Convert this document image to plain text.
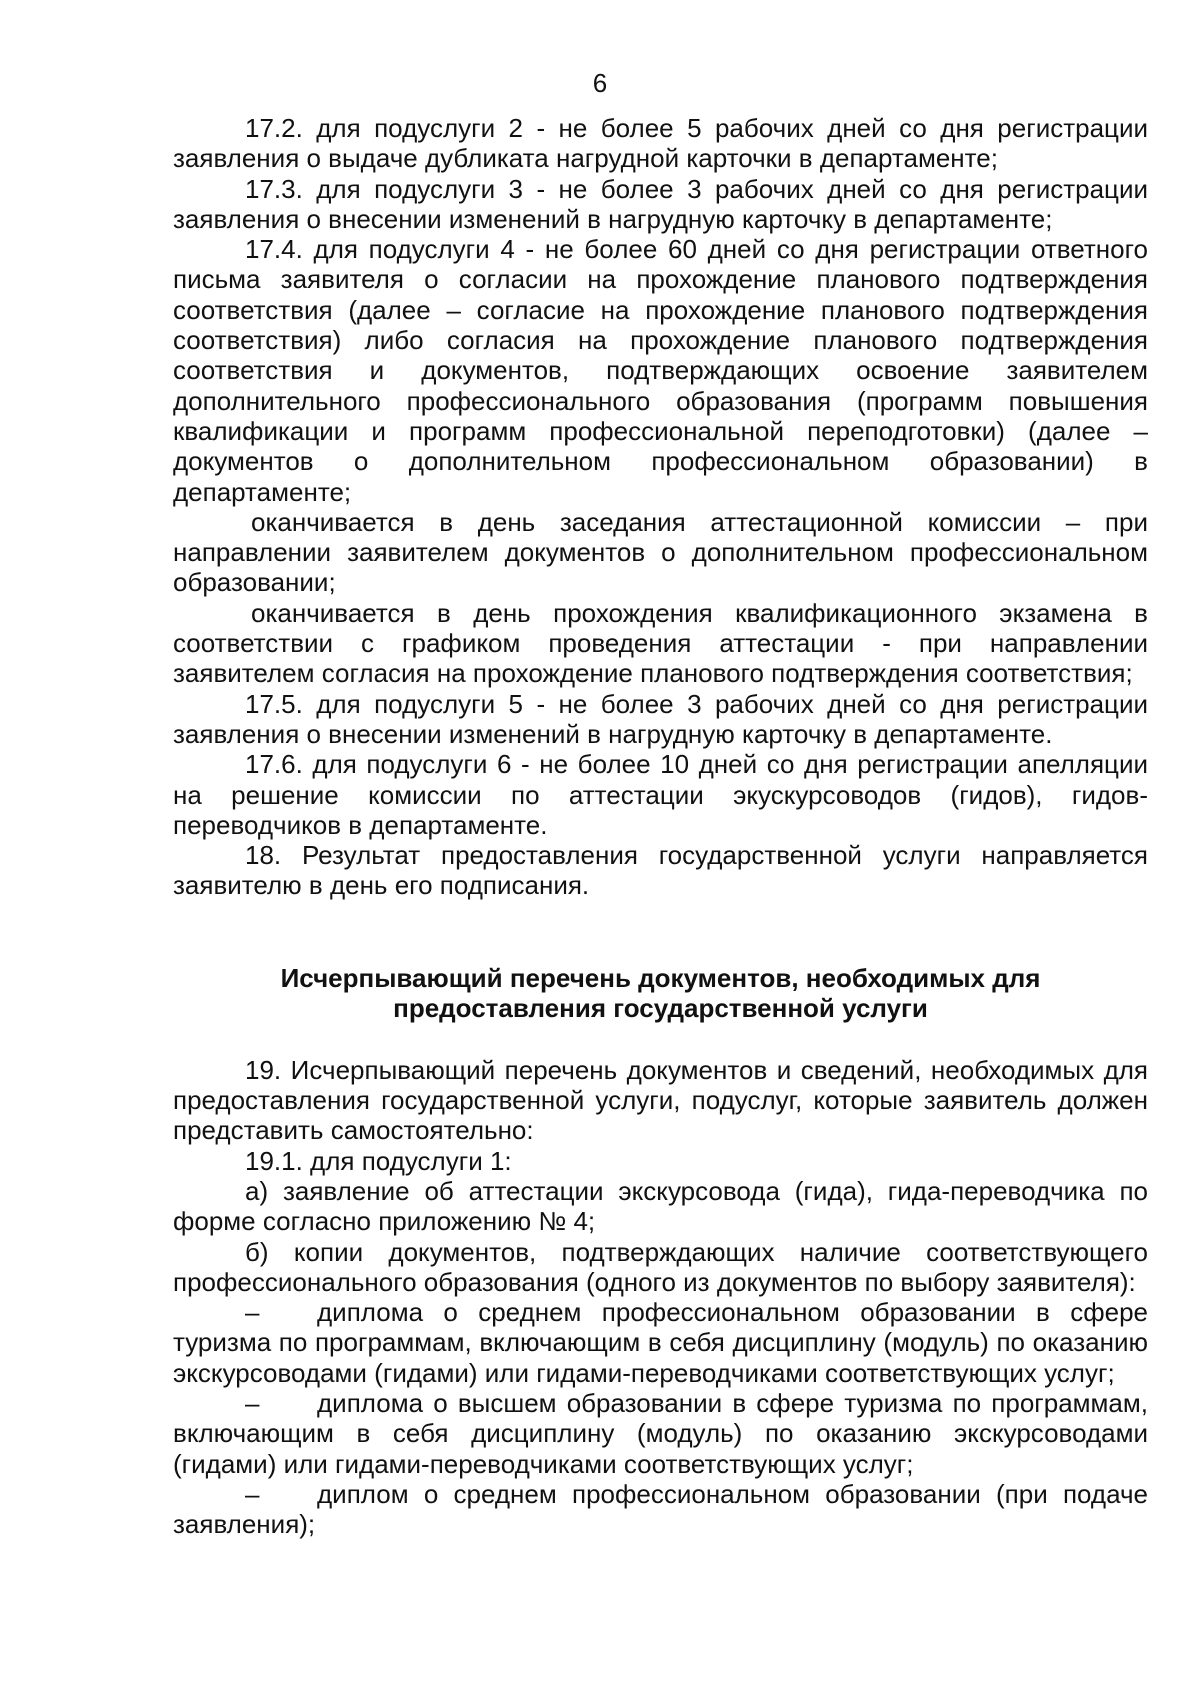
6

17.2. для подуслуги 2 - не более 5 рабочих дней со дня регистрации заявления о выдаче дубликата нагрудной карточки в департаменте;

17.3. для подуслуги 3 - не более 3 рабочих дней со дня регистрации заявления о внесении изменений в нагрудную карточку в департаменте;

17.4. для подуслуги 4 - не более 60 дней со дня регистрации ответного письма заявителя о согласии на прохождение планового подтверждения соответствия (далее – согласие на прохождение планового подтверждения соответствия) либо согласия на прохождение планового подтверждения соответствия и документов, подтверждающих освоение заявителем дополнительного профессионального образования (программ повышения квалификации и программ профессиональной переподготовки) (далее – документов о дополнительном профессиональном образовании) в департаменте;

оканчивается в день заседания аттестационной комиссии – при направлении заявителем документов о дополнительном профессиональном образовании;

оканчивается в день прохождения квалификационного экзамена в соответствии с графиком проведения аттестации - при направлении заявителем согласия на прохождение планового подтверждения соответствия;

17.5. для подуслуги 5 - не более 3 рабочих дней со дня регистрации заявления о внесении изменений в нагрудную карточку в департаменте.

17.6. для подуслуги 6 - не более 10 дней со дня регистрации апелляции на решение комиссии по аттестации экускурсоводов (гидов), гидов-переводчиков в департаменте.

18. Результат предоставления государственной услуги направляется заявителю в день его подписания.

Исчерпывающий перечень документов, необходимых для
предоставления государственной услуги

19. Исчерпывающий перечень документов и сведений, необходимых для предоставления государственной услуги, подуслуг, которые заявитель должен представить самостоятельно:

19.1. для подуслуги 1:

а) заявление об аттестации экскурсовода (гида), гида-переводчика по форме согласно приложению № 4;

б) копии документов, подтверждающих наличие соответствующего профессионального образования (одного из документов по выбору заявителя):

– диплома о среднем профессиональном образовании в сфере туризма по программам, включающим в себя дисциплину (модуль) по оказанию экскурсоводами (гидами) или гидами-переводчиками соответствующих услуг;

– диплома о высшем образовании в сфере туризма по программам, включающим в себя дисциплину (модуль) по оказанию экскурсоводами (гидами) или гидами-переводчиками соответствующих услуг;

– диплом о среднем профессиональном образовании (при подаче заявления);
